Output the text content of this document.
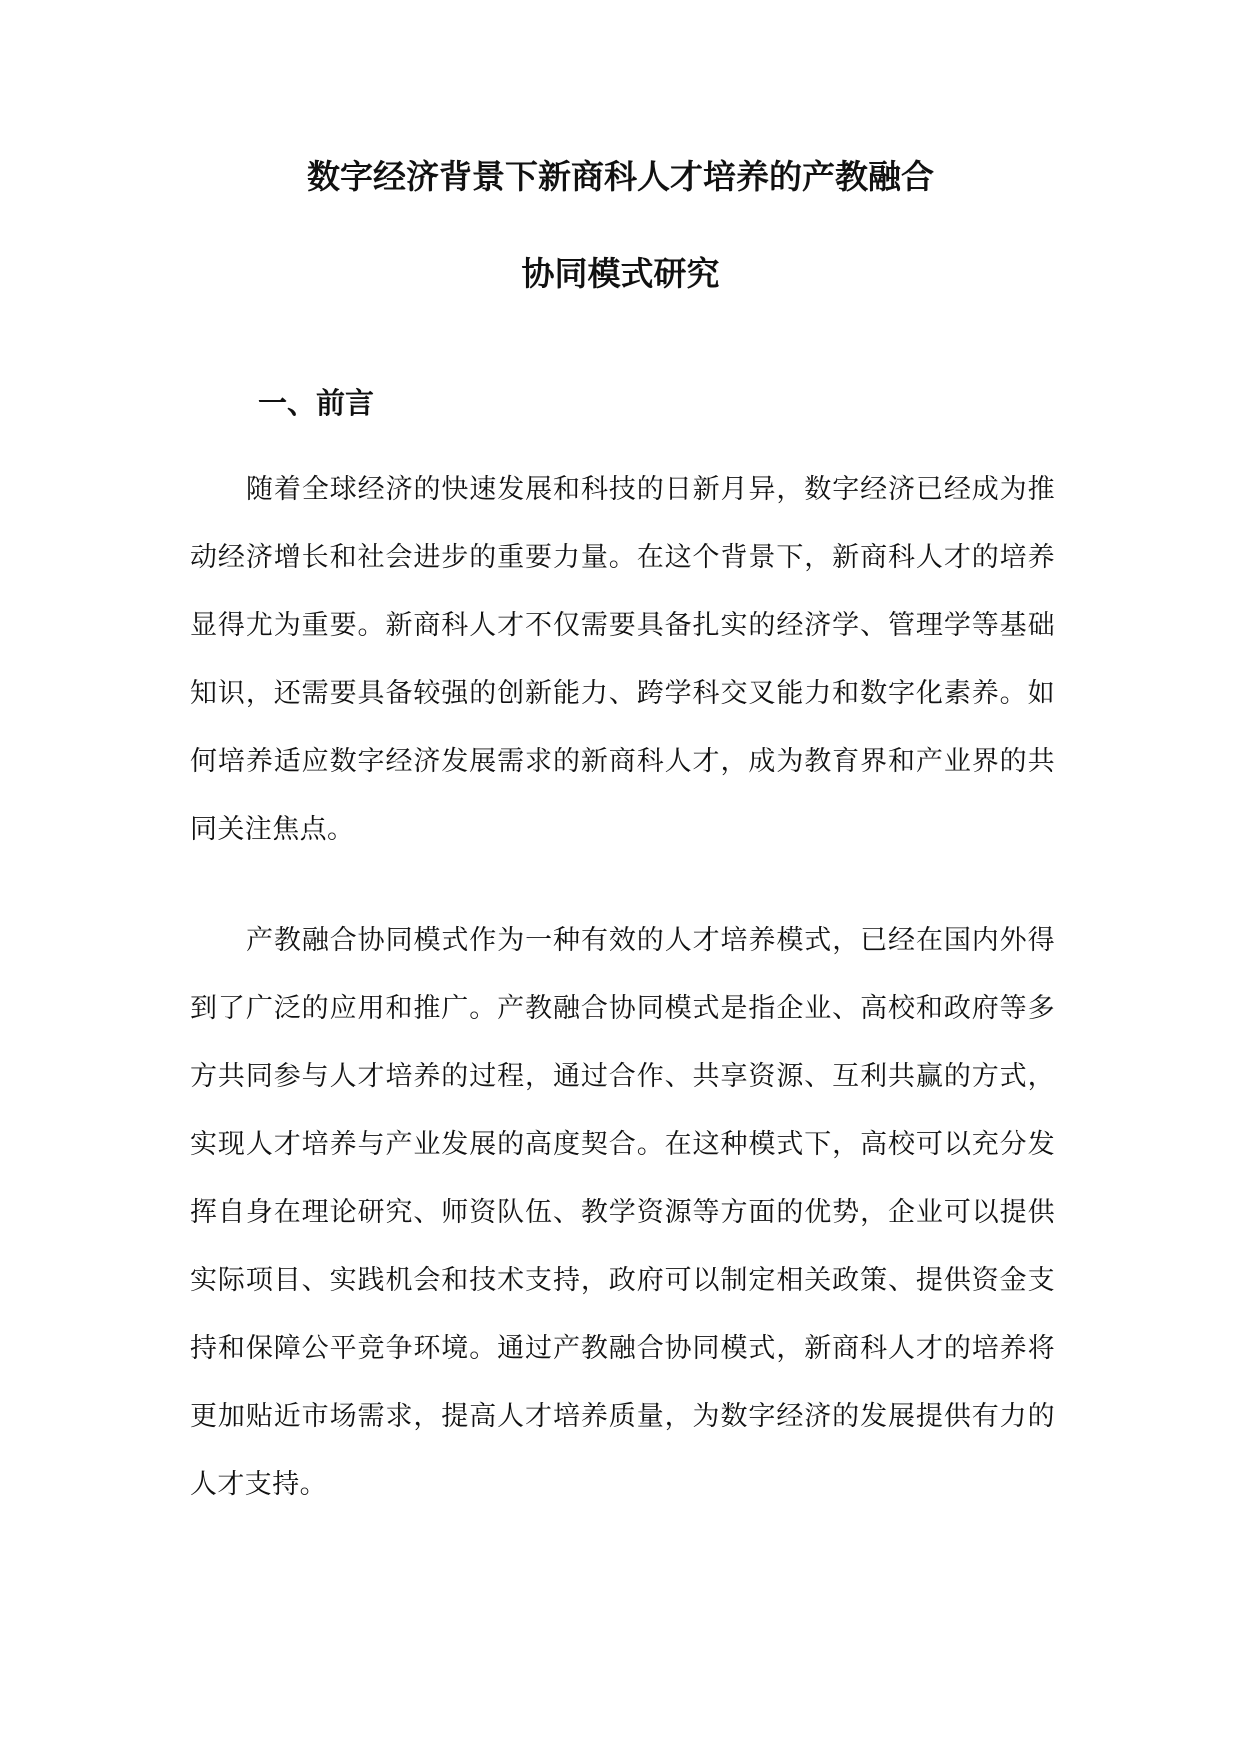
数字经济背景下新商科人才培养的产教融合
协同模式研究
一、前言

随着全球经济的快速发展和科技的日新月异，数字经济已经成为推动经济增长和社会进步的重要力量。在这个背景下，新商科人才的培养显得尤为重要。新商科人才不仅需要具备扎实的经济学、管理学等基础知识，还需要具备较强的创新能力、跨学科交叉能力和数字化素养。如何培养适应数字经济发展需求的新商科人才，成为教育界和产业界的共同关注焦点。

产教融合协同模式作为一种有效的人才培养模式，已经在国内外得到了广泛的应用和推广。产教融合协同模式是指企业、高校和政府等多方共同参与人才培养的过程，通过合作、共享资源、互利共赢的方式，实现人才培养与产业发展的高度契合。在这种模式下，高校可以充分发挥自身在理论研究、师资队伍、教学资源等方面的优势，企业可以提供实际项目、实践机会和技术支持，政府可以制定相关政策、提供资金支持和保障公平竞争环境。通过产教融合协同模式，新商科人才的培养将更加贴近市场需求，提高人才培养质量，为数字经济的发展提供有力的人才支持。
